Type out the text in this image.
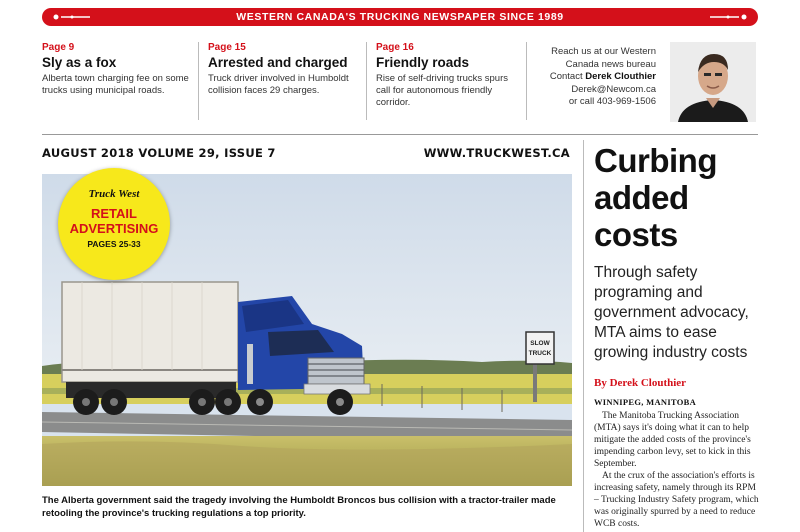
WESTERN CANADA'S TRUCKING NEWSPAPER SINCE 1989
Page 9
Sly as a fox
Alberta town charging fee on some trucks using municipal roads.
Page 15
Arrested and charged
Truck driver involved in Humboldt collision faces 29 charges.
Page 16
Friendly roads
Rise of self-driving trucks spurs call for autonomous friendly corridor.
Reach us at our Western
Canada news bureau
Contact Derek Clouthier
Derek@Newcom.ca
or call 403-969-1506
AUGUST 2018 VOLUME 29, ISSUE 7	WWW.TRUCKWEST.CA
SLOW
TRUCK
Truck West
RETAIL
ADVERTISING
PAGES 25-33
The Alberta government said the tragedy involving the Humboldt Broncos bus collision with a tractor-trailer made retooling the province's trucking regulations a top priority.
Curbing
added costs
Through safety programing and government advocacy, MTA aims to ease growing industry costs
By Derek Clouthier
WINNIPEG, MANITOBA

The Manitoba Trucking Association (MTA) says it's doing what it can to help mitigate the added costs of the province's impending carbon levy, set to kick in this September.

At the crux of the association's efforts is increasing safety, namely through its RPM – Trucking Industry Safety program, which was originally spurred by a need to reduce WCB costs.
